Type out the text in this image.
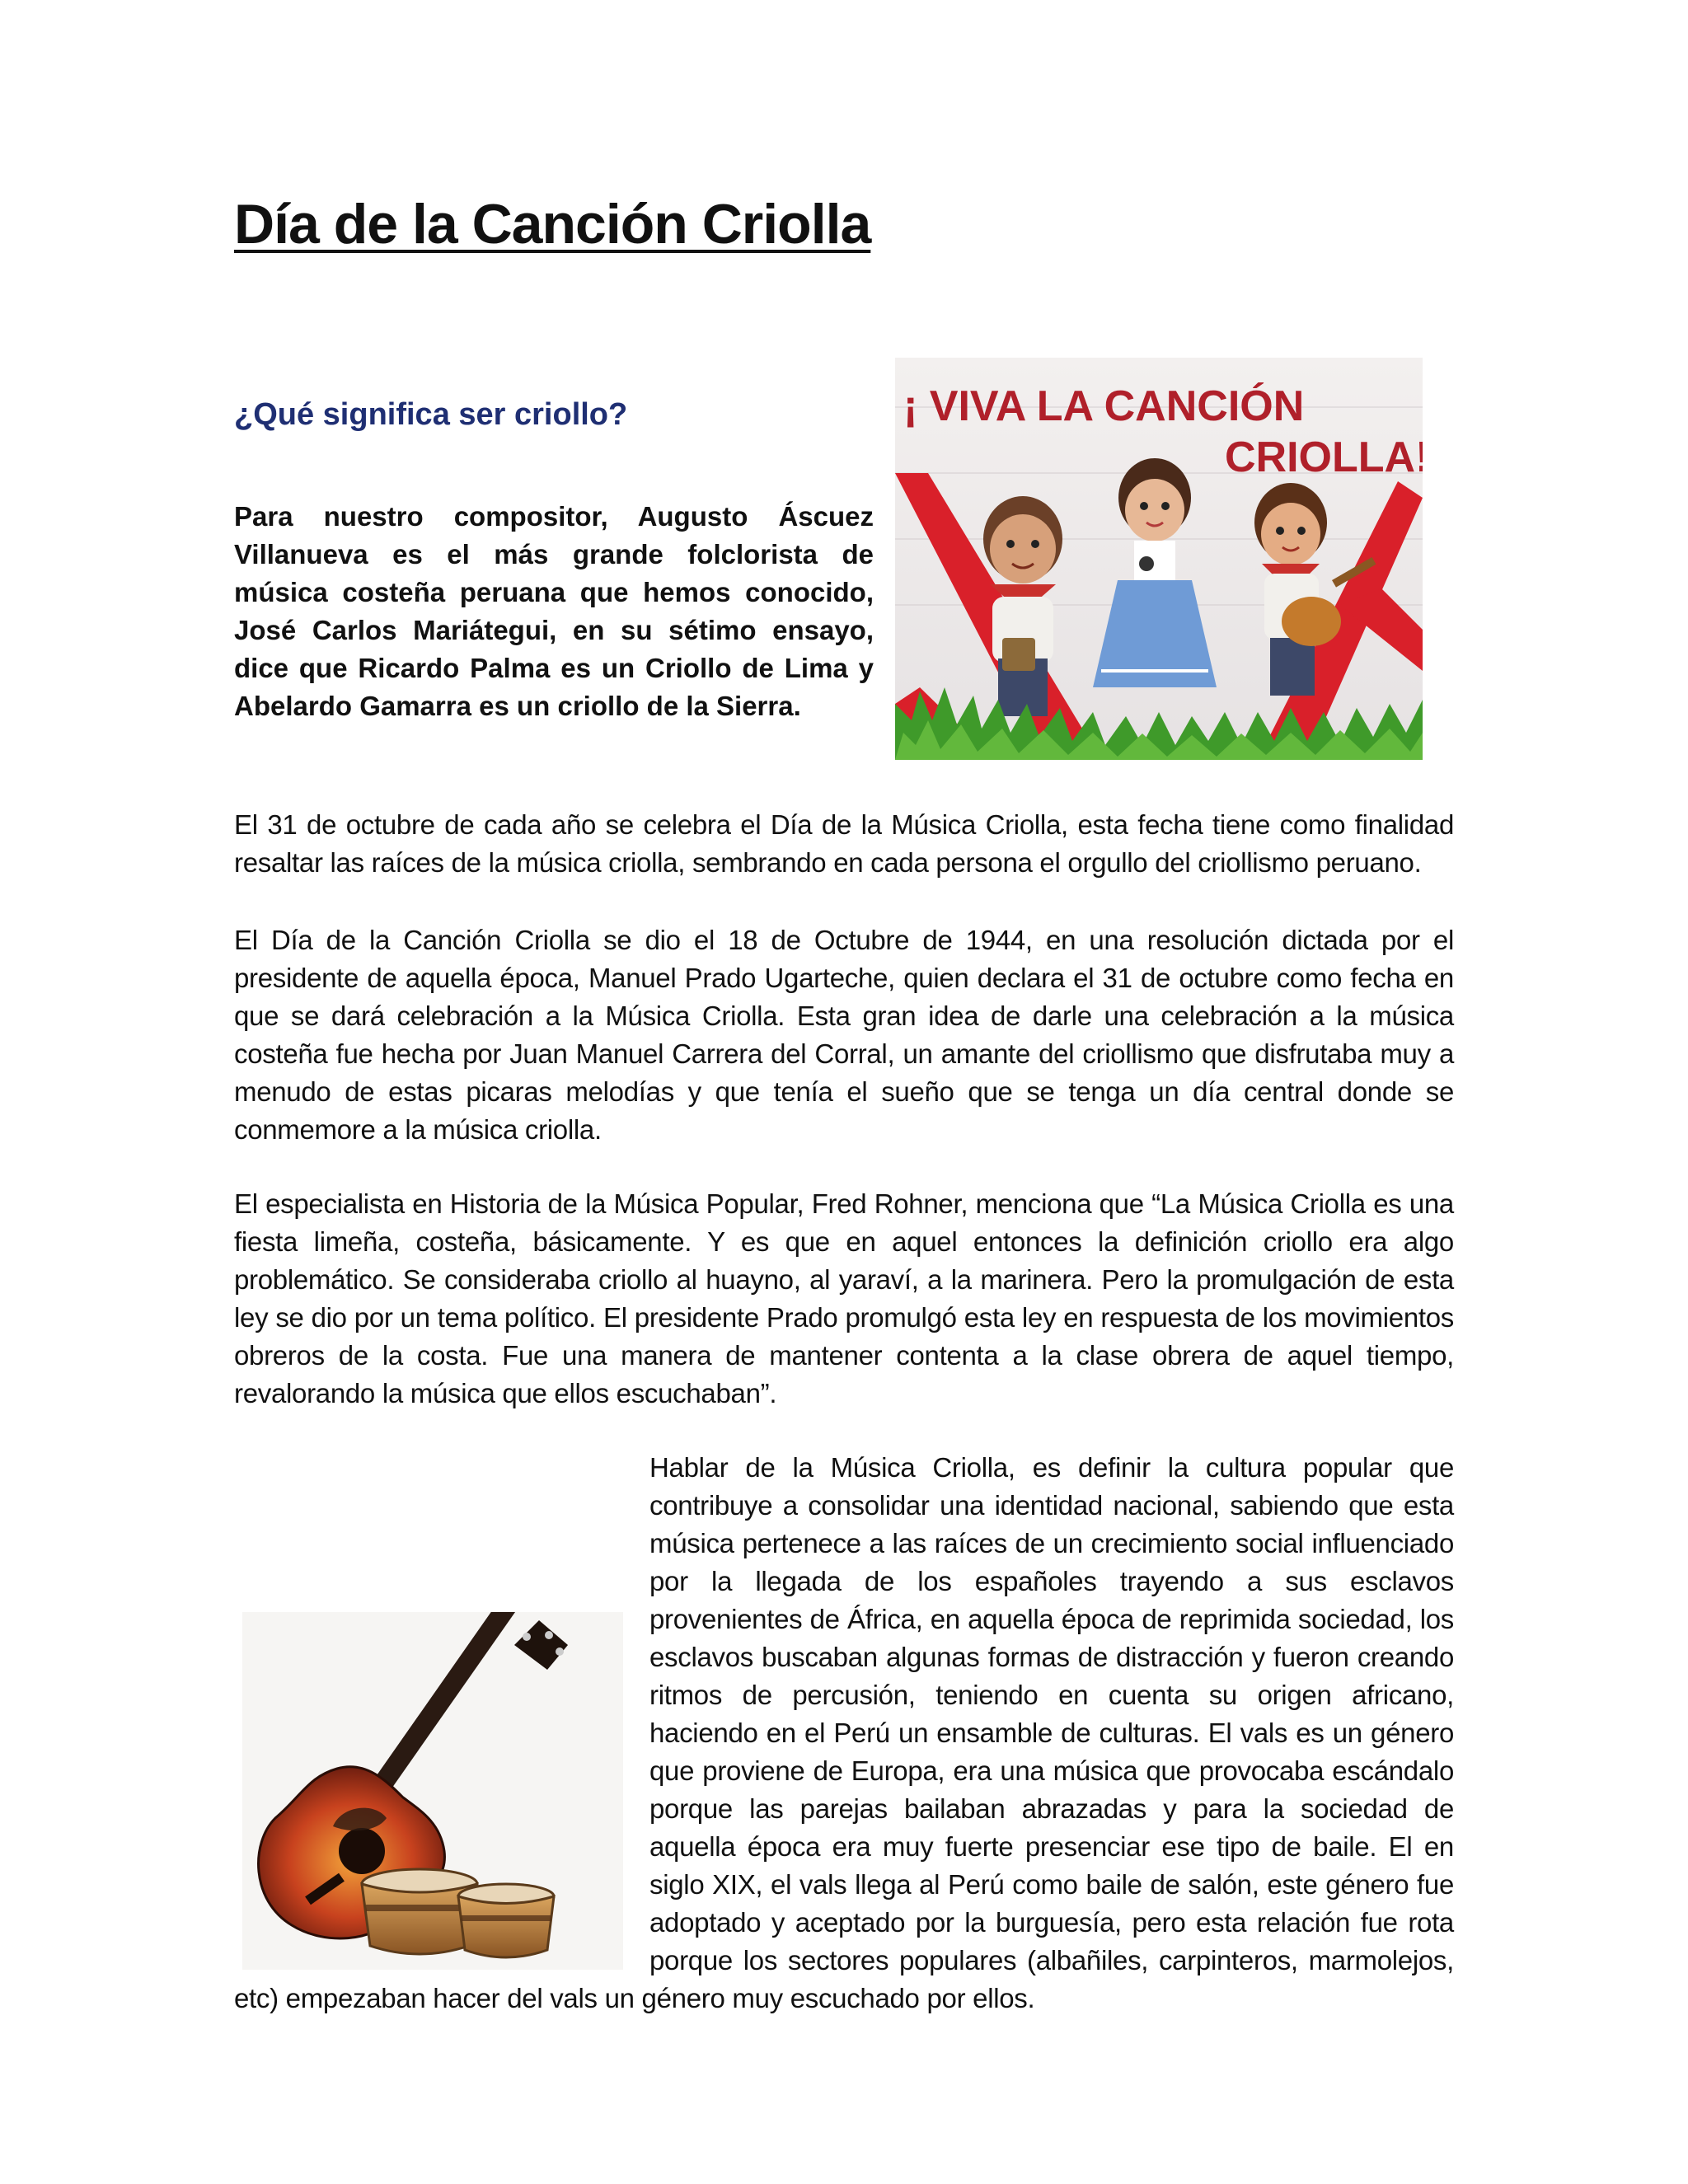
Día de la Canción Criolla
¿Qué significa ser criollo?

Para nuestro compositor, Augusto Áscuez Villanueva es el más grande folclorista de música costeña peruana que hemos conocido, José Carlos Mariátegui, en su sétimo ensayo, dice que Ricardo Palma es un Criollo de Lima y Abelardo Gamarra es un criollo de la Sierra.

¡ VIVA LA CANCIÓN
CRIOLLA!

El 31 de octubre de cada año se celebra el Día de la Música Criolla, esta fecha tiene como finalidad resaltar las raíces de la música criolla, sembrando en cada persona el orgullo del criollismo peruano.

El Día de la Canción Criolla se dio el 18 de Octubre de 1944, en una resolución dictada por el presidente de aquella época, Manuel Prado Ugarteche, quien declara el 31 de octubre como fecha en que se dará celebración a la Música Criolla. Esta gran idea de darle una celebración a la música costeña fue hecha por Juan Manuel Carrera del Corral, un amante del criollismo que disfrutaba muy a menudo de estas picaras melodías y que tenía el sueño que se tenga un día central donde se conmemore a la música criolla.

El especialista en Historia de la Música Popular, Fred Rohner, menciona que “La Música Criolla es una fiesta limeña, costeña, básicamente. Y es que en aquel entonces la definición criollo era algo problemático. Se consideraba criollo al huayno, al yaraví, a la marinera. Pero la promulgación de esta ley se dio por un tema político. El presidente Prado promulgó esta ley en respuesta de los movimientos obreros de la costa. Fue una manera de mantener contenta a la clase obrera de aquel tiempo, revalorando la música que ellos escuchaban”.

Hablar de la Música Criolla, es definir la cultura popular que contribuye a consolidar una identidad nacional, sabiendo que esta música pertenece a las raíces de un crecimiento social influenciado por la llegada de los españoles trayendo a sus esclavos provenientes de África, en aquella época de reprimida sociedad, los esclavos buscaban algunas formas de distracción y fueron creando ritmos de percusión, teniendo en cuenta su origen africano, haciendo en el Perú un ensamble de culturas. El vals es un género que proviene de Europa, era una música que provocaba escándalo porque las parejas bailaban abrazadas y para la sociedad de aquella época era muy fuerte presenciar ese tipo de baile. El en siglo XIX, el vals llega al Perú como baile de salón, este género fue adoptado y aceptado por la burguesía, pero esta relación fue rota porque los sectores populares (albañiles, carpinteros, marmolejos, etc) empezaban hacer del vals un género muy escuchado por ellos.
